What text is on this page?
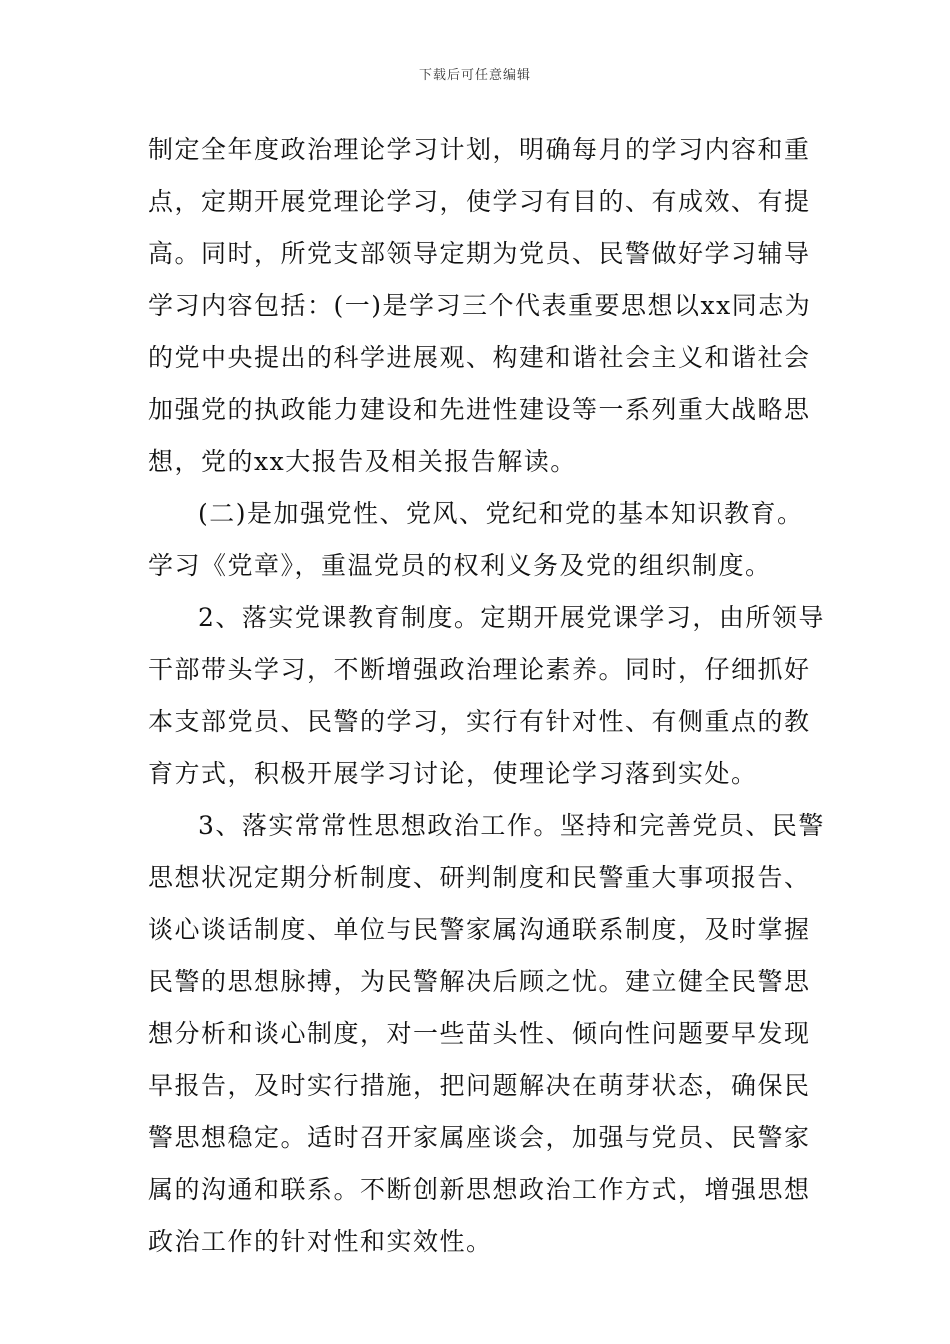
下载后可任意编辑
制定全年度政治理论学习计划，明确每月的学习内容和重
点，定期开展党理论学习，使学习有目的、有成效、有提
高。同时，所党支部领导定期为党员、民警做好学习辅导
学习内容包括：(一)是学习三个代表重要思想以xx同志为
的党中央提出的科学进展观、构建和谐社会主义和谐社会
加强党的执政能力建设和先进性建设等一系列重大战略思
想，党的xx大报告及相关报告解读。
(二)是加强党性、党风、党纪和党的基本知识教育。
学习《党章》，重温党员的权利义务及党的组织制度。
2、落实党课教育制度。定期开展党课学习，由所领导
干部带头学习，不断增强政治理论素养。同时，仔细抓好
本支部党员、民警的学习，实行有针对性、有侧重点的教
育方式，积极开展学习讨论，使理论学习落到实处。
3、落实常常性思想政治工作。坚持和完善党员、民警
思想状况定期分析制度、研判制度和民警重大事项报告、
谈心谈话制度、单位与民警家属沟通联系制度，及时掌握
民警的思想脉搏，为民警解决后顾之忧。建立健全民警思
想分析和谈心制度，对一些苗头性、倾向性问题要早发现
早报告，及时实行措施，把问题解决在萌芽状态，确保民
警思想稳定。适时召开家属座谈会，加强与党员、民警家
属的沟通和联系。不断创新思想政治工作方式，增强思想
政治工作的针对性和实效性。
